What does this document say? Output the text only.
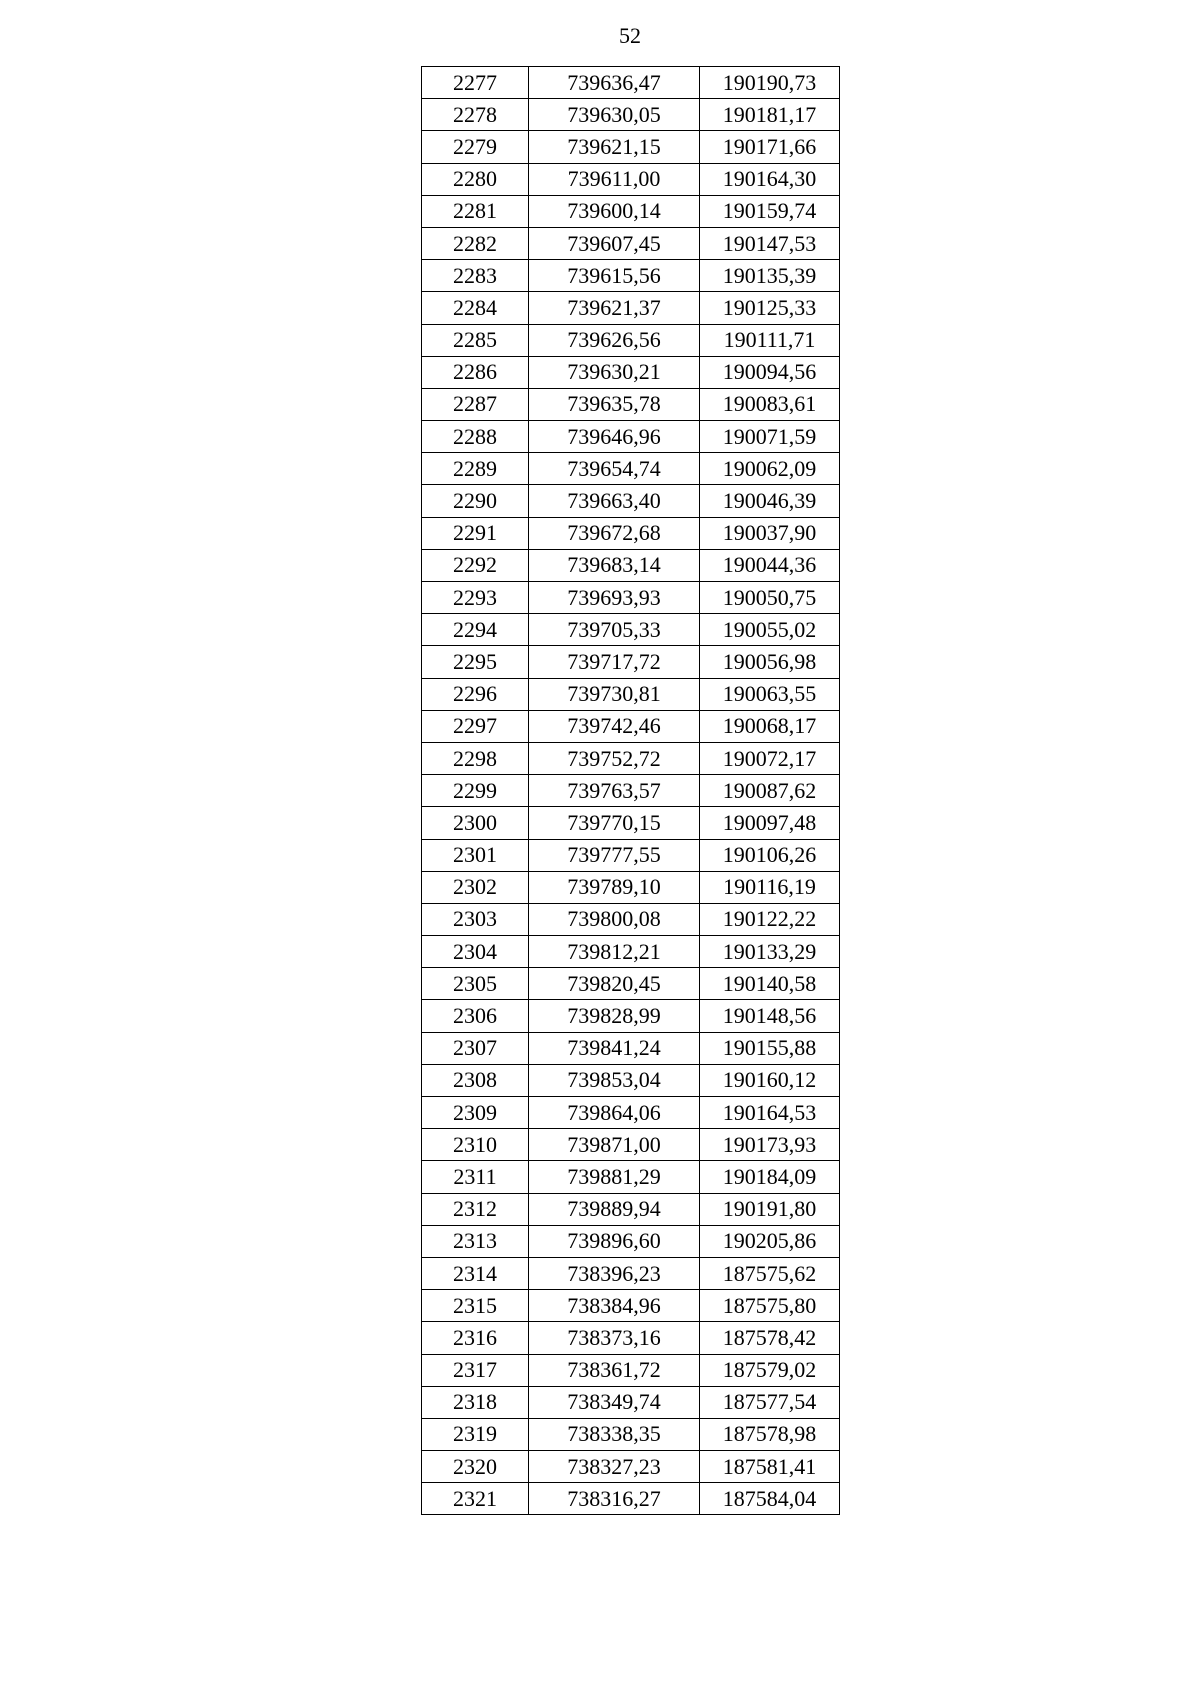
52
2277	739636,47	190190,73
2278	739630,05	190181,17
2279	739621,15	190171,66
2280	739611,00	190164,30
2281	739600,14	190159,74
2282	739607,45	190147,53
2283	739615,56	190135,39
2284	739621,37	190125,33
2285	739626,56	190111,71
2286	739630,21	190094,56
2287	739635,78	190083,61
2288	739646,96	190071,59
2289	739654,74	190062,09
2290	739663,40	190046,39
2291	739672,68	190037,90
2292	739683,14	190044,36
2293	739693,93	190050,75
2294	739705,33	190055,02
2295	739717,72	190056,98
2296	739730,81	190063,55
2297	739742,46	190068,17
2298	739752,72	190072,17
2299	739763,57	190087,62
2300	739770,15	190097,48
2301	739777,55	190106,26
2302	739789,10	190116,19
2303	739800,08	190122,22
2304	739812,21	190133,29
2305	739820,45	190140,58
2306	739828,99	190148,56
2307	739841,24	190155,88
2308	739853,04	190160,12
2309	739864,06	190164,53
2310	739871,00	190173,93
2311	739881,29	190184,09
2312	739889,94	190191,80
2313	739896,60	190205,86
2314	738396,23	187575,62
2315	738384,96	187575,80
2316	738373,16	187578,42
2317	738361,72	187579,02
2318	738349,74	187577,54
2319	738338,35	187578,98
2320	738327,23	187581,41
2321	738316,27	187584,04
